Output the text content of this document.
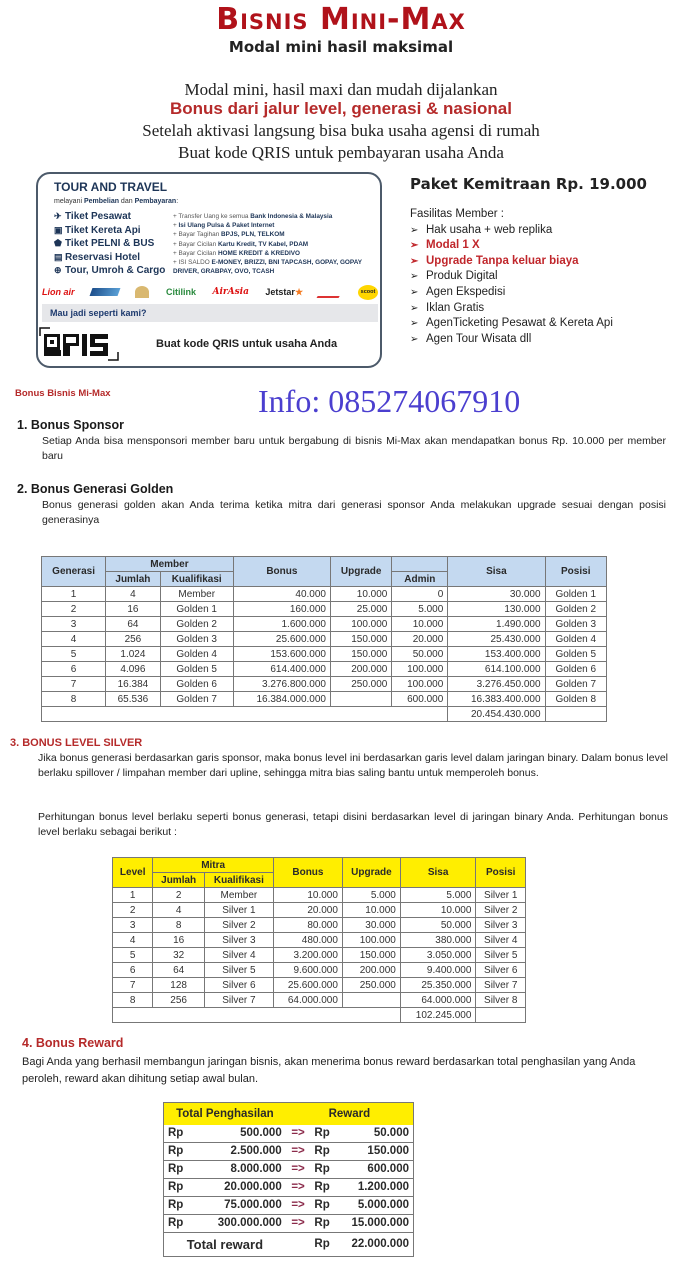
Bisnis Mini-Max
Modal mini hasil maksimal
Modal mini, hasil maxi dan mudah dijalankan
Bonus dari jalur level, generasi & nasional
Setelah aktivasi langsung bisa buka usaha agensi di rumah
Buat kode QRIS untuk pembayaran usaha Anda
TOUR AND TRAVEL
melayani Pembelian dan Pembayaran:
✈ Tiket Pesawat
▣ Tiket Kereta Api
⬟ Tiket PELNI & BUS
▤ Reservasi Hotel
⊕ Tour, Umroh & Cargo
+ Transfer Uang ke semua Bank Indonesia & Malaysia
+ Isi Ulang Pulsa & Paket Internet
+ Bayar Tagihan BPJS, PLN, TELKOM
+ Bayar Cicilan Kartu Kredit, TV Kabel, PDAM
+ Bayar Cicilan HOME KREDIT & KREDIVO
+ ISI SALDO E-MONEY, BRIZZI, BNI TAPCASH, GOPAY, GOPAY DRIVER, GRABPAY, OVO, TCASH
Lion air	Citilink AirAsia Jetstar★	scoot
Mau jadi seperti kami?
Buat kode QRIS untuk usaha Anda
Paket Kemitraan Rp. 19.000
Fasilitas Member :
➢ Hak usaha + web replika
➢ Modal 1 X
➢ Upgrade Tanpa keluar biaya
➢ Produk Digital
➢ Agen Ekspedisi
➢ Iklan Gratis
➢ AgenTicketing Pesawat & Kereta Api
➢ Agen Tour Wisata dll
Bonus Bisnis Mi-Max	Info: 085274067910
1. Bonus Sponsor
Setiap Anda bisa mensponsori member baru untuk bergabung di bisnis Mi-Max akan mendapatkan bonus Rp. 10.000 per member baru
2. Bonus Generasi Golden
Bonus generasi golden akan Anda terima ketika mitra dari generasi sponsor Anda melakukan upgrade sesuai dengan posisi generasinya
Generasi	Member		Bonus	Upgrade		Sisa	Posisi
	Jumlah	Kualifikasi			Admin		
1	4	Member	40.000	10.000	0	30.000	Golden 1
2	16	Golden 1	160.000	25.000	5.000	130.000	Golden 2
3	64	Golden 2	1.600.000	100.000	10.000	1.490.000	Golden 3
4	256	Golden 3	25.600.000	150.000	20.000	25.430.000	Golden 4
5	1.024	Golden 4	153.600.000	150.000	50.000	153.400.000	Golden 5
6	4.096	Golden 5	614.400.000	200.000	100.000	614.100.000	Golden 6
7	16.384	Golden 6	3.276.800.000	250.000	100.000	3.276.450.000	Golden 7
8	65.536	Golden 7	16.384.000.000		600.000	16.383.400.000	Golden 8
						20.454.430.000	
3. BONUS LEVEL SILVER
Jika bonus generasi berdasarkan garis sponsor, maka bonus level ini berdasarkan garis level dalam jaringan binary. Dalam bonus level berlaku spillover / limpahan member dari upline, sehingga mitra bias saling bantu untuk memperoleh bonus.
Perhitungan bonus level berlaku seperti bonus generasi, tetapi disini berdasarkan level di jaringan binary Anda. Perhitungan bonus level berlaku sebagai berikut :
Level	Mitra		Bonus	Upgrade	Sisa	Posisi
	Jumlah	Kualifikasi				
1	2	Member	10.000	5.000	5.000	Silver 1
2	4	Silver 1	20.000	10.000	10.000	Silver 2
3	8	Silver 2	80.000	30.000	50.000	Silver 3
4	16	Silver 3	480.000	100.000	380.000	Silver 4
5	32	Silver 4	3.200.000	150.000	3.050.000	Silver 5
6	64	Silver 5	9.600.000	200.000	9.400.000	Silver 6
7	128	Silver 6	25.600.000	250.000	25.350.000	Silver 7
8	256	Silver 7	64.000.000		64.000.000	Silver 8
					102.245.000	
4. Bonus Reward
Bagi Anda yang berhasil membangun jaringan bisnis, akan menerima bonus reward berdasarkan total penghasilan yang Anda peroleh, reward akan dihitung setiap awal bulan.
Total Penghasilan		Reward		
Rp	500.000	=>	Rp	50.000
Rp	2.500.000	=>	Rp	150.000
Rp	8.000.000	=>	Rp	600.000
Rp	20.000.000	=>	Rp	1.200.000
Rp	75.000.000	=>	Rp	5.000.000
Rp	300.000.000	=>	Rp	15.000.000
Total reward			Rp	22.000.000
